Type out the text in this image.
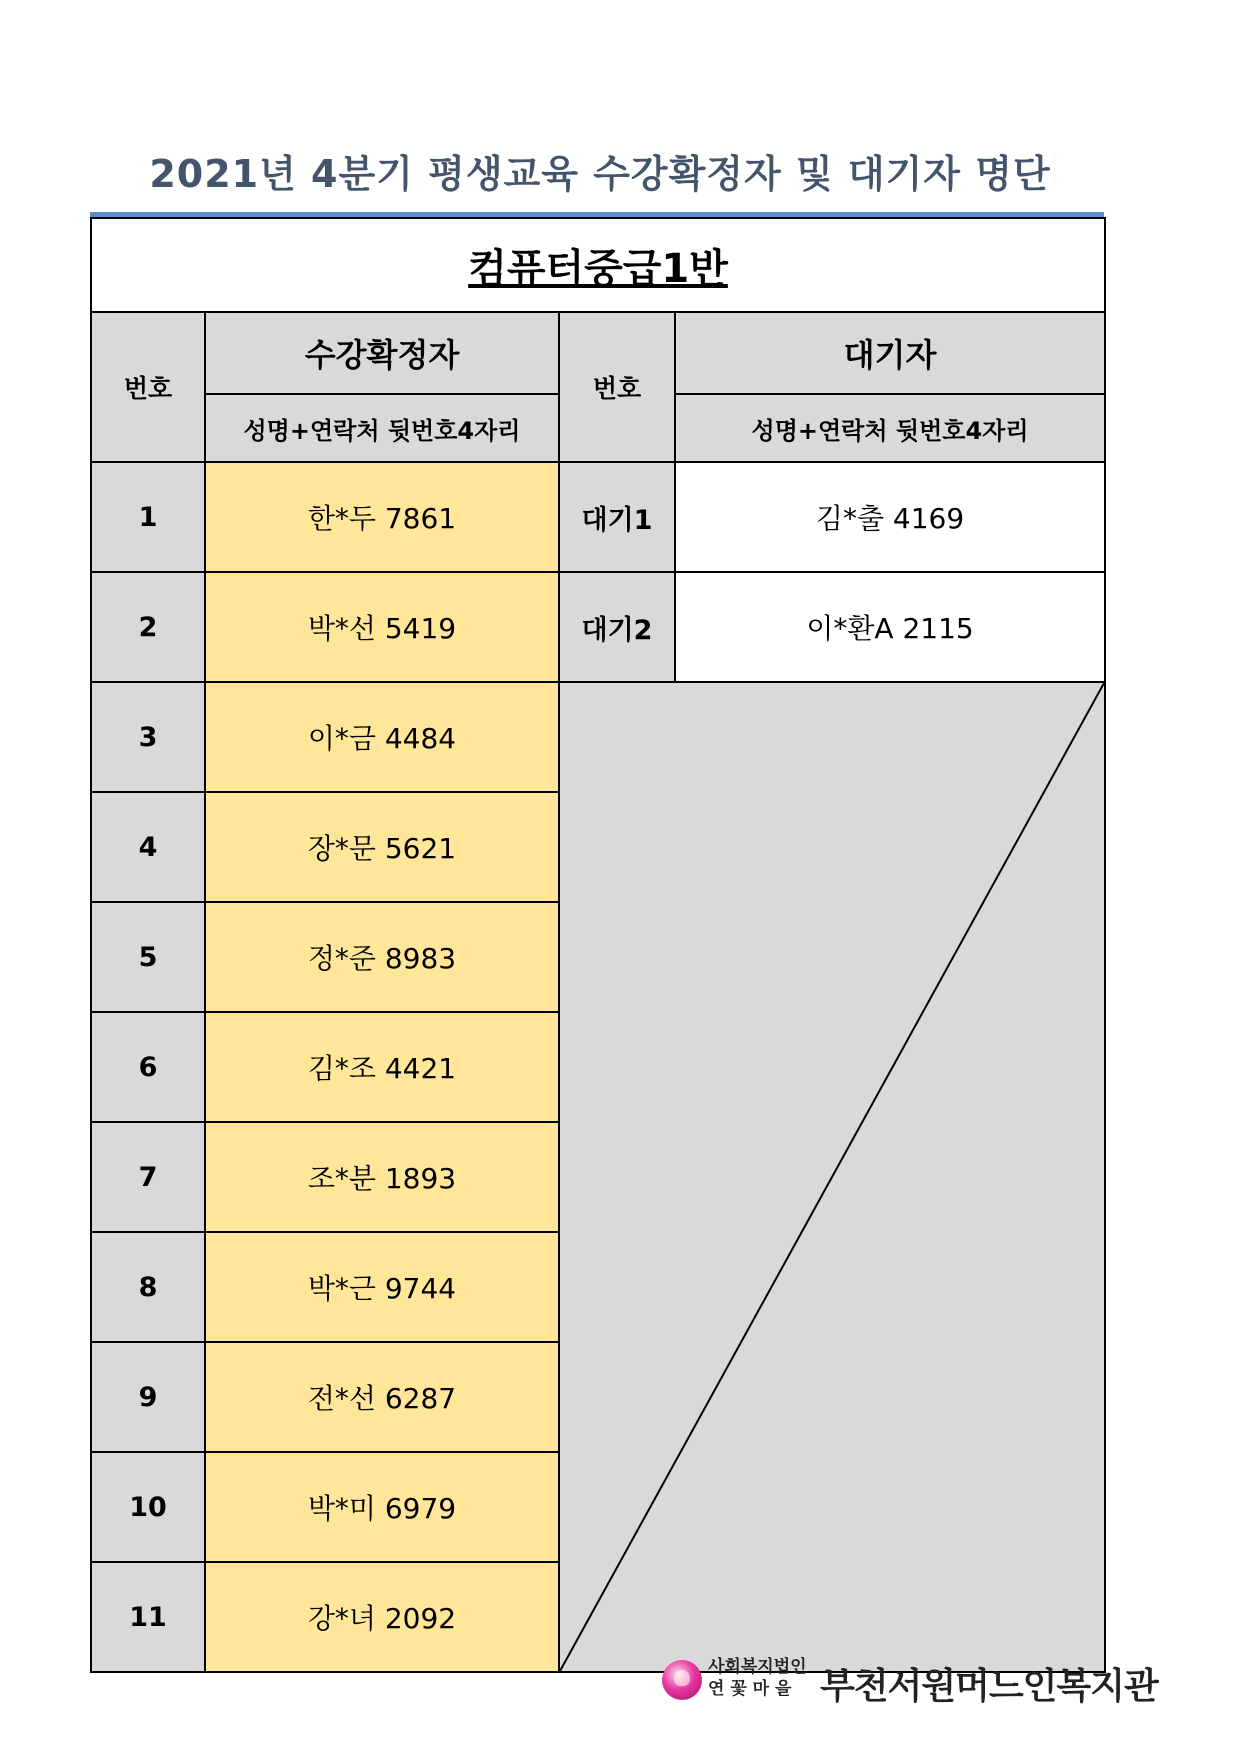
2021년 4분기 평생교육 수강확정자 및 대기자 명단
컴퓨터중급1반			
번호	수강확정자	번호	대기자
	성명+연락처 뒷번호4자리		성명+연락처 뒷번호4자리
1	한*두 7861	대기1	김*출 4169
2	박*선 5419	대기2	이*환A 2115
3	이*금 4484	

4	장*문 5621		
5	정*준 8983		
6	김*조 4421		
7	조*분 1893		
8	박*근 9744		
9	전*선 6287		
10	박*미 6979		
11	강*녀 2092		
사회복지법인
연 꽃 마 을 부천서원머느인복지관
